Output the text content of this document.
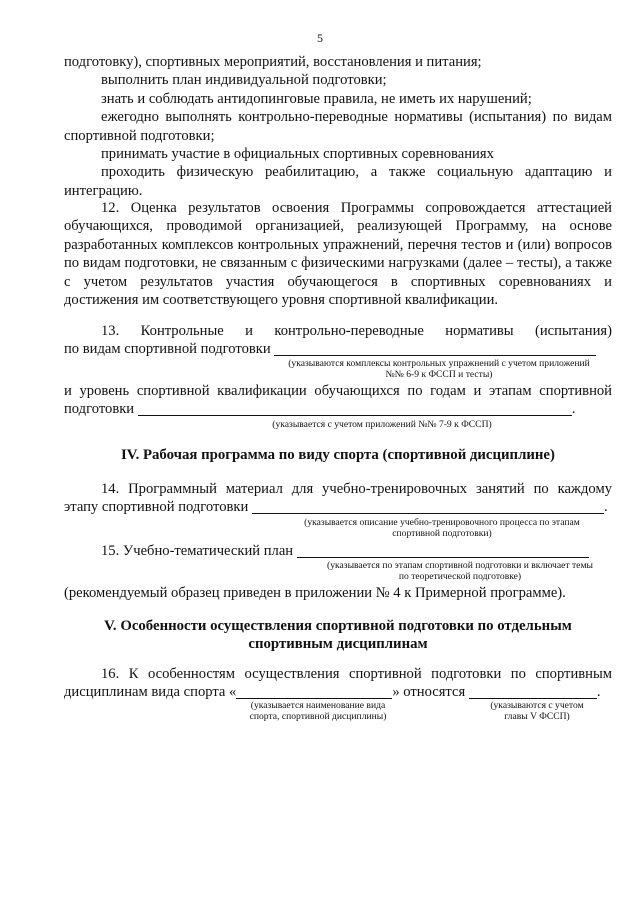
5

подготовку), спортивных мероприятий, восстановления и питания;

выполнить план индивидуальной подготовки;

знать и соблюдать антидопинговые правила, не иметь их нарушений;

ежегодно выполнять контрольно-переводные нормативы (испытания) по видам спортивной подготовки;

принимать участие в официальных спортивных соревнованиях

проходить физическую реабилитацию, а также социальную адаптацию и интеграцию.

12. Оценка результатов освоения Программы сопровождается аттестацией обучающихся, проводимой организацией, реализующей Программу, на основе разработанных комплексов контрольных упражнений, перечня тестов и (или) вопросов по видам подготовки, не связанным с физическими нагрузками (далее – тесты), а также с учетом результатов участия обучающегося в спортивных соревнованиях и достижения им соответствующего уровня спортивной квалификации.

13. Контрольные и контрольно-переводные нормативы (испытания)

по видам спортивной подготовки

(указываются комплексы контрольных упражнений с учетом приложений
№№ 6-9 к ФССП и тесты)

и уровень спортивной квалификации обучающихся по годам и этапам спортивной

подготовки	.

(указывается с учетом приложений №№ 7-9 к ФССП)
IV. Рабочая программа по виду спорта (спортивной дисциплине)

14. Программный материал для учебно-тренировочных занятий по каждому

этапу спортивной подготовки	.

(указывается описание учебно-тренировочного процесса по этапам
спортивной подготовки)

15. Учебно-тематический план

(указывается по этапам спортивной подготовки и включает темы
по теоретической подготовке)

(рекомендуемый образец приведен в приложении № 4 к Примерной программе).

V. Особенности осуществления спортивной подготовки по отдельным
спортивным дисциплинам

16. К особенностям осуществления спортивной подготовки по спортивным

дисциплинам вида спорта «	» относятся	.

(указывается наименование вида
спорта, спортивной дисциплины)
(указываются с учетом
главы V ФССП)
